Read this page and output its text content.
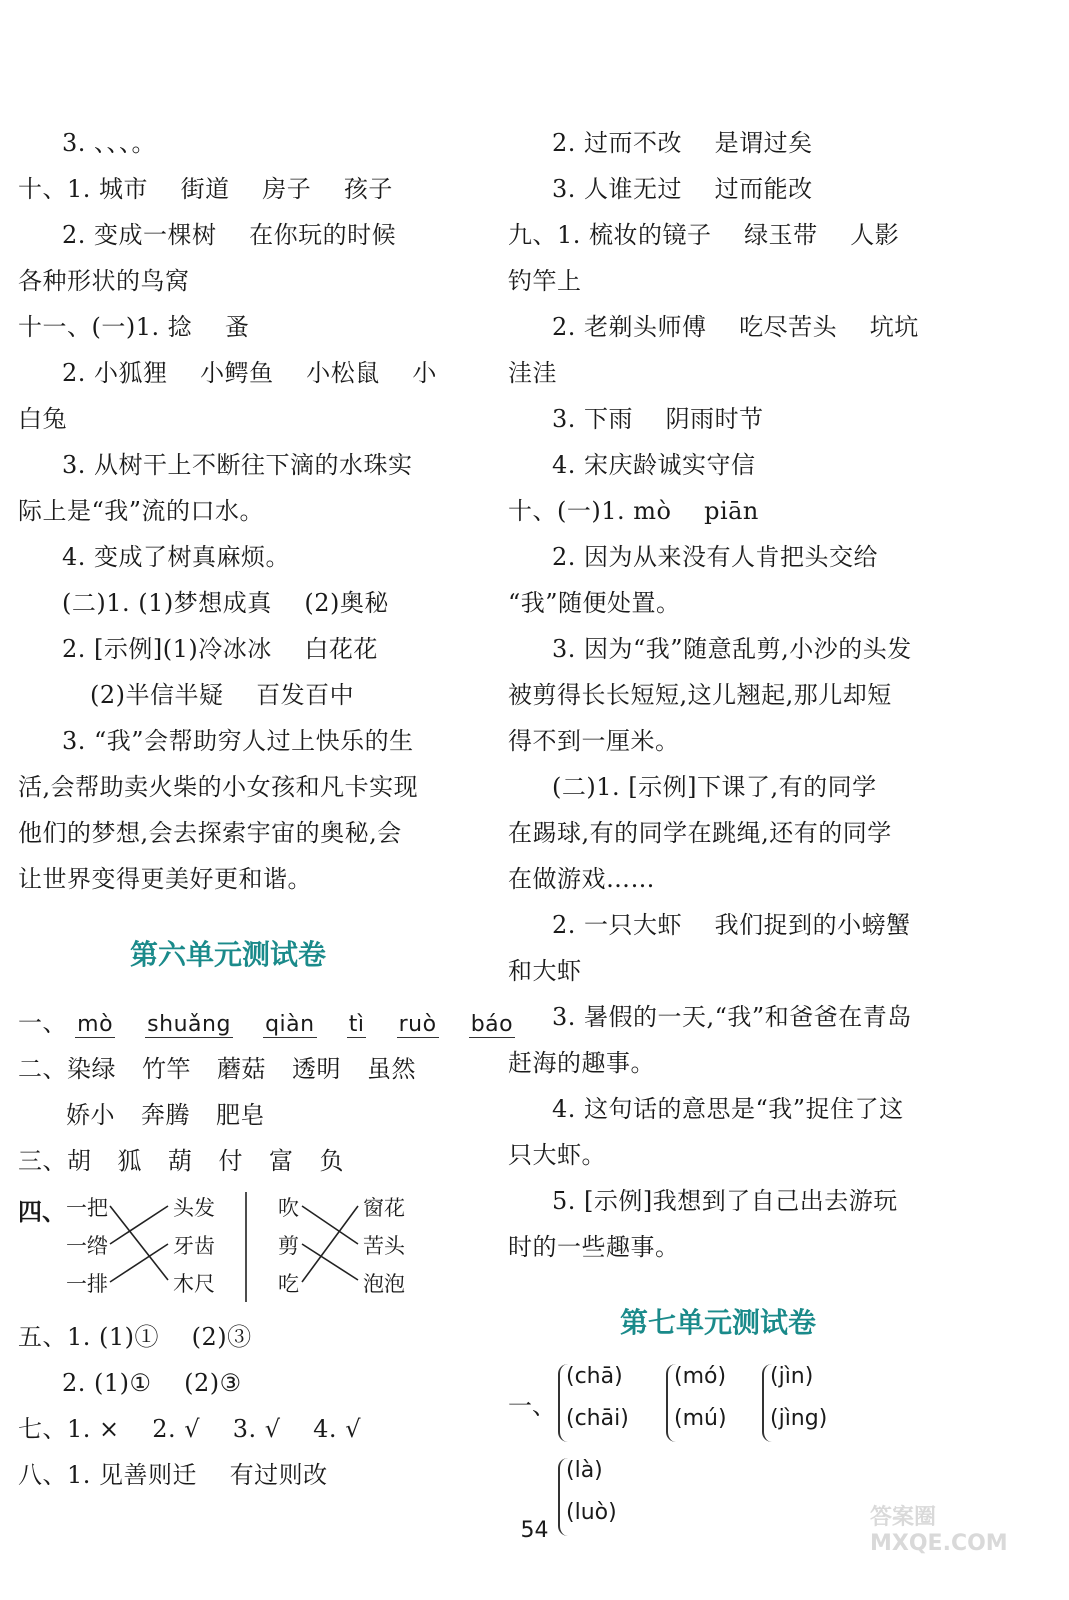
3. 、、、。
十、1. 城市　 街道　 房子　 孩子
2. 变成一棵树　 在你玩的时候
各种形状的鸟窝
十一、(一)1. 捻　 蚤
2. 小狐狸　 小鳄鱼　 小松鼠　 小
白兔
3. 从树干上不断往下滴的水珠实
际上是“我”流的口水。
4. 变成了树真麻烦。
(二)1. (1)梦想成真　 (2)奥秘
2. [示例](1)冷冰冰　 白花花
(2)半信半疑　 百发百中
3. “我”会帮助穷人过上快乐的生
活,会帮助卖火柴的小女孩和凡卡实现
他们的梦想,会去探索宇宙的奥秘,会
让世界变得更美好更和谐。
第六单元测试卷
一、 mò shuǎng qiàn tì ruò báo
二、染绿 竹竿 蘑菇 透明 虽然
娇小 奔腾 肥皂
三、胡 狐 葫 付 富 负
四、 一把
一绺
一排
头发
牙齿
木尺
吹
剪
吃
窗花
苦头
泡泡
五、1. (1)①　 (2)③
2. (1)①　 (2)③
七、1. ×　 2. √　 3. √　 4. √
八、1. 见善则迁　 有过则改
2. 过而不改　 是谓过矣
3. 人谁无过　 过而能改
九、1. 梳妆的镜子　 绿玉带　 人影
钓竿上
2. 老剃头师傅　 吃尽苦头　 坑坑
洼洼
3. 下雨　 阴雨时节
4. 宋庆龄诚实守信
十、(一)1. mò　 piān
2. 因为从来没有人肯把头交给
“我”随便处置。
3. 因为“我”随意乱剪,小沙的头发
被剪得长长短短,这儿翘起,那儿却短
得不到一厘米。
(二)1. [示例]下课了,有的同学
在踢球,有的同学在跳绳,还有的同学
在做游戏……
2. 一只大虾　 我们捉到的小螃蟹
和大虾
3. 暑假的一天,“我”和爸爸在青岛
赶海的趣事。
4. 这句话的意思是“我”捉住了这
只大虾。
5. [示例]我想到了自己出去游玩
时的一些趣事。
第七单元测试卷
一、
(chā)
(chāi)
(mó)
(mú)
(jìn)
(jìng)
(là)
(luò)
54
答案圈 MXQE.COM
